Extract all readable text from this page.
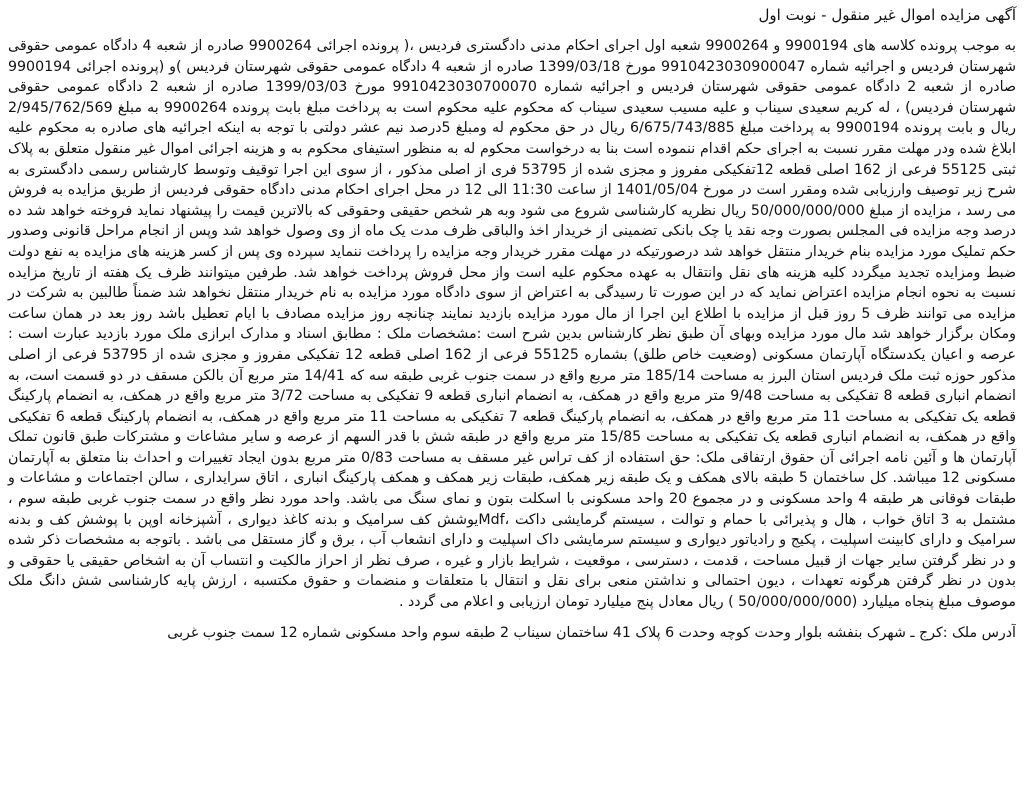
آگهی مزایده اموال غیر منقول - نوبت اول

به موجب پرونده کلاسه های 9900194 و 9900264 شعبه اول اجرای احکام مدنی دادگستری فردیس ،( پرونده اجرائی 9900264 صادره از شعبه 4 دادگاه عمومی حقوقی شهرستان فردیس و اجرائیه شماره 9910423030900047 مورخ 1399/03/18 صادره از شعبه 4 دادگاه عمومی حقوقی شهرستان فردیس )و (پرونده اجرائی 9900194 صادره از شعبه 2 دادگاه عمومی حقوقی شهرستان فردیس و اجرائیه شماره 9910423030700070 مورخ 1399/03/03 صادره از شعبه 2 دادگاه عمومی حقوقی شهرستان فردیس) ، له کریم سعیدی سیناب و علیه مسیب سعیدی سیناب که محکوم علیه محکوم است به پرداخت مبلغ بابت پرونده 9900264 به مبلغ 2/945/762/569 ریال و بابت پرونده 9900194 به پرداخت مبلغ 6/675/743/885 ریال در حق محکوم له ومبلغ 5درصد نیم عشر دولتی با توجه به اینکه اجرائیه های صادره به محکوم علیه ابلاغ شده ودر مهلت مقرر نسبت به اجرای حکم اقدام ننموده است بنا به درخواست محکوم له به منظور استیفای محکوم به و هزینه اجرائی اموال غیر منقول متعلق به پلاک ثبتی 55125 فرعی از 162 اصلی قطعه 12تفکیکی مفروز و مجزی شده از 53795 فری از اصلی مذکور ، از سوی این اجرا توقیف وتوسط کارشناس رسمی دادگستری به شرح زیر توصیف وارزیابی شده ومقرر است در مورخ 1401/05/04 از ساعت 11:30 الی 12 در محل اجرای احکام مدنی دادگاه حقوقی فردیس از طریق مزایده به فروش می رسد ، مزایده از مبلغ 50/000/000/000 ریال نظریه کارشناسی شروع می شود وبه هر شخص حقیقی وحقوقی که بالاترین قیمت را پیشنهاد نماید فروخته خواهد شد ده درصد وجه مزایده فی المجلس بصورت وجه نقد یا چک بانکی تضمینی از خریدار اخذ والباقی ظرف مدت یک ماه از وی وصول خواهد شد وپس از انجام مراحل قانونی وصدور حکم تملیک مورد مزایده بنام خریدار منتقل خواهد شد درصورتیکه در مهلت مقرر خریدار وجه مزایده را پرداخت ننماید سپرده وی پس از کسر هزینه های مزایده به نفع دولت ضبط ومزایده تجدید میگردد کلیه هزینه های نقل وانتقال به عهده محکوم علیه است واز محل فروش پرداخت خواهد شد. طرفین میتوانند ظرف یک هفته از تاریخ مزایده نسبت به نحوه انجام مزایده اعتراض نماید که در این صورت تا رسیدگی به اعتراض از سوی دادگاه مورد مزایده به نام خریدار منتقل نخواهد شد ضمناً طالبین به شرکت در مزایده می توانند ظرف 5 روز قبل از مزایده با اطلاع این اجرا از مال مورد مزایده بازدید نمایند چنانچه روز مزایده مصادف با ایام تعطیل باشد روز بعد در همان ساعت ومکان برگزار خواهد شد مال مورد مزایده وبهای آن طبق نظر کارشناس بدین شرح است :مشخصات ملک : مطابق اسناد و مدارک ابرازی ملک مورد بازدید عبارت است : عرصه و اعیان یکدستگاه آپارتمان مسکونی (وضعیت خاص طلق) بشماره 55125 فرعی از 162 اصلی قطعه 12 تفکیکی مفروز و مجزی شده از 53795 فرعی از اصلی مذکور حوزه ثبت ملک فردیس استان البرز به مساحت 185/14 متر مربع واقع در سمت جنوب غربی طبقه سه که 14/41 متر مربع آن بالکن مسقف در دو قسمت است، به انضمام انباری قطعه 8 تفکیکی به مساحت 9/48 متر مربع واقع در همکف، به انضمام انباری قطعه 9 تفکیکی به مساحت 3/72 متر مربع واقع در همکف، به انضمام پارکینگ قطعه یک تفکیکی به مساحت 11 متر مربع واقع در همکف، به انضمام پارکینگ قطعه 7 تفکیکی به مساحت 11 متر مربع واقع در همکف، به انضمام پارکینگ قطعه 6 تفکیکی واقع در همکف، به انضمام انباری قطعه یک تفکیکی به مساحت 15/85 متر مربع واقع در طبقه شش با قدر السهم از عرصه و سایر مشاعات و مشترکات طبق قانون تملک آپارتمان ها و آئین نامه اجرائی آن حقوق ارتفاقی ملک: حق استفاده از کف تراس غیر مسقف به مساحت 0/83 متر مربع بدون ایجاد تغییرات و احداث بنا متعلق به آپارتمان مسکونی 12 میباشد. کل ساختمان 5 طبقه بالای همکف و یک طبقه زیر همکف، طبقات زیر همکف و همکف پارکینگ انباری ، اتاق سرایداری ، سالن اجتماعات و مشاعات و طبقات فوقانی هر طبقه 4 واحد مسکونی و در مجموع 20 واحد مسکونی با اسکلت بتون و نمای سنگ می باشد. واحد مورد نظر واقع در سمت جنوب غربی طبقه سوم ، مشتمل به 3 اتاق خواب ، هال و پذیرائی با حمام و توالت ، سیستم گرمایشی داکت ،Mdfیوشش کف سرامیک و بدنه کاغذ دیواری ، آشپزخانه اوپن با پوشش کف و بدنه سرامیک و دارای کابینت اسپلیت ، پکیج و رادیاتور دیواری و سیستم سرمایشی داک اسپلیت و دارای انشعاب آب ، برق و گاز مستقل می باشد . باتوجه به مشخصات ذکر شده و در نظر گرفتن سایر جهات از قبیل مساحت ، قدمت ، دسترسی ، موقعیت ، شرایط بازار و غیره ، صرف نظر از احراز مالکیت و انتساب آن به اشخاص حقیقی یا حقوقی و بدون در نظر گرفتن هرگونه تعهدات ، دیون احتمالی و نداشتن منعی برای نقل و انتقال با متعلقات و منضمات و حقوق مکتسبه ، ارزش پایه کارشناسی شش دانگ ملک موصوف مبلغ پنجاه میلیارد (50/000/000/000 ) ریال معادل پنج میلیارد تومان ارزیابی و اعلام می گردد .

آدرس ملک :کرج ـ شهرک بنفشه بلوار وحدت کوچه وحدت 6 پلاک 41 ساختمان سیناب 2 طبقه سوم واحد مسکونی شماره 12 سمت جنوب غربی
